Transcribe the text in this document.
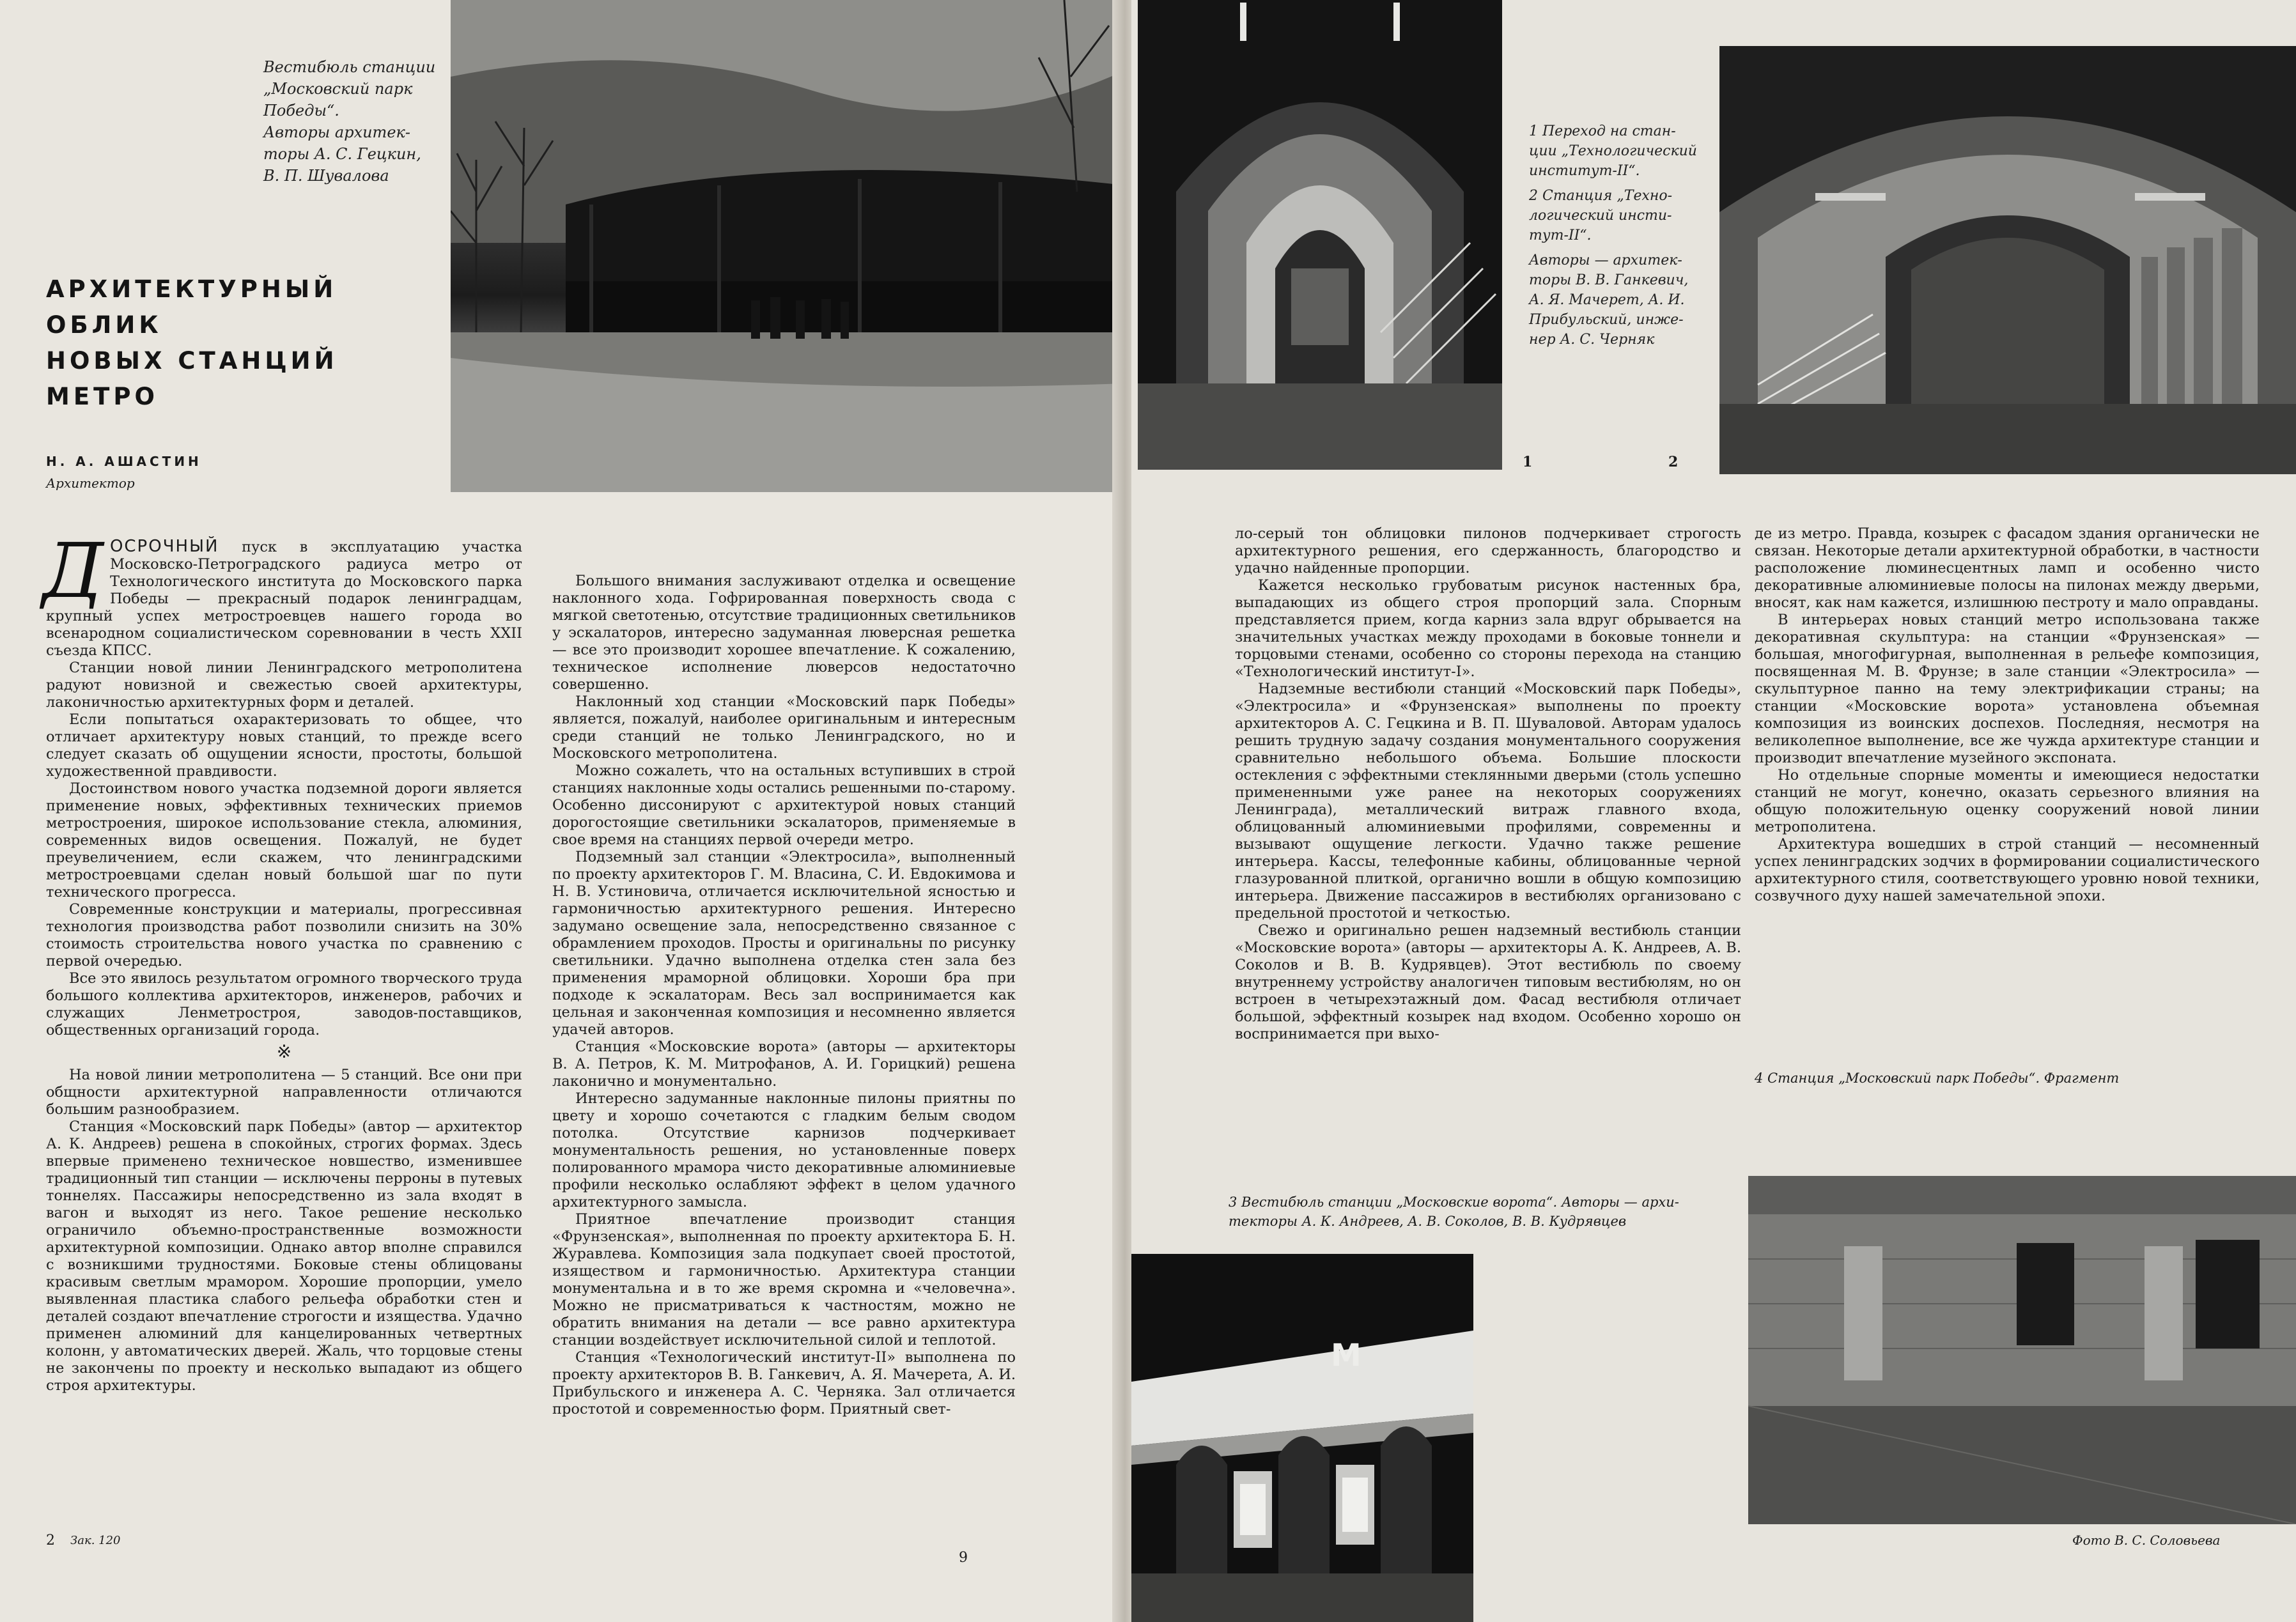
Вестибюль станции
„Московский парк
Победы“.
Авторы архитек-
торы А. С. Гецкин,
В. П. Шувалова
АРХИТЕКТУРНЫЙ
ОБЛИК
НОВЫХ СТАНЦИЙ
МЕТРО
Н. А. АШАСТИН
Архитектор

ДОСРОЧНЫЙ пуск в эксплуатацию участка Московско-Петроградского радиуса метро от Технологического института до Московского парка Победы — прекрасный подарок ленинградцам, крупный успех метростроевцев нашего города во всенародном социалистическом соревновании в честь XXII съезда КПСС.

Станции новой линии Ленинградского метрополитена радуют новизной и свежестью своей архитектуры, лаконичностью архитектурных форм и деталей.

Если попытаться охарактеризовать то общее, что отличает архитектуру новых станций, то прежде всего следует сказать об ощущении ясности, простоты, большой художественной правдивости.

Достоинством нового участка подземной дороги является применение новых, эффективных технических приемов метростроения, широкое использование стекла, алюминия, современных видов освещения. Пожалуй, не будет преувеличением, если скажем, что ленинградскими метростроевцами сделан новый большой шаг по пути технического прогресса.

Современные конструкции и материалы, прогрессивная технология производства работ позволили снизить на 30% стоимость строительства нового участка по сравнению с первой очередью.

Все это явилось результатом огромного творческого труда большого коллектива архитекторов, инженеров, рабочих и служащих Ленметростроя, заводов-поставщиков, общественных организаций города.

※

На новой линии метрополитена — 5 станций. Все они при общности архитектурной направленности отличаются большим разнообразием.

Станция «Московский парк Победы» (автор — архитектор А. К. Андреев) решена в спокойных, строгих формах. Здесь впервые применено техническое новшество, изменившее традиционный тип станции — исключены перроны в путевых тоннелях. Пассажиры непосредственно из зала входят в вагон и выходят из него. Такое решение несколько ограничило объемно-пространственные возможности архитектурной композиции. Однако автор вполне справился с возникшими трудностями. Боковые стены облицованы красивым светлым мрамором. Хорошие пропорции, умело выявленная пластика слабого рельефа обработки стен и деталей создают впечатление строгости и изящества. Удачно применен алюминий для канцелированных четвертных колонн, у автоматических дверей. Жаль, что торцовые стены не закончены по проекту и несколько выпадают из общего строя архитектуры.

Большого внимания заслуживают отделка и освещение наклонного хода. Гофрированная поверхность свода с мягкой светотенью, отсутствие традиционных светильников у эскалаторов, интересно задуманная люверсная решетка — все это производит хорошее впечатление. К сожалению, техническое исполнение люверсов недостаточно совершенно.

Наклонный ход станции «Московский парк Победы» является, пожалуй, наиболее оригинальным и интересным среди станций не только Ленинградского, но и Московского метрополитена.

Можно сожалеть, что на остальных вступивших в строй станциях наклонные ходы остались решенными по-старому. Особенно диссонируют с архитектурой новых станций дорогостоящие светильники эскалаторов, применяемые в свое время на станциях первой очереди метро.

Подземный зал станции «Электросила», выполненный по проекту архитекторов Г. М. Власина, С. И. Евдокимова и Н. В. Устиновича, отличается исключительной ясностью и гармоничностью архитектурного решения. Интересно задумано освещение зала, непосредственно связанное с обрамлением проходов. Просты и оригинальны по рисунку светильники. Удачно выполнена отделка стен зала без применения мраморной облицовки. Хороши бра при подходе к эскалаторам. Весь зал воспринимается как цельная и законченная композиция и несомненно является удачей авторов.

Станция «Московские ворота» (авторы — архитекторы В. А. Петров, К. М. Митрофанов, А. И. Горицкий) решена лаконично и монументально.

Интересно задуманные наклонные пилоны приятны по цвету и хорошо сочетаются с гладким белым сводом потолка. Отсутствие карнизов подчеркивает монументальность решения, но установленные поверх полированного мрамора чисто декоративные алюминиевые профили несколько ослабляют эффект в целом удачного архитектурного замысла.

Приятное впечатление производит станция «Фрунзенская», выполненная по проекту архитектора Б. Н. Журавлева. Композиция зала подкупает своей простотой, изяществом и гармоничностью. Архитектура станции монументальна и в то же время скромна и «человечна». Можно не присматриваться к частностям, можно не обратить внимания на детали — все равно архитектура станции воздействует исключительной силой и теплотой.

Станция «Технологический институт-II» выполнена по проекту архитекторов В. В. Ганкевич, А. Я. Мачерета, А. И. Прибульского и инженера А. С. Черняка. Зал отличается простотой и современностью форм. Приятный свет-

2 Зак. 120
9
1 Переход на стан-
ции „Технологический
институт-II“.
2 Станция „Техно-
логический инсти-
тут-II“.
Авторы — архитек-
торы В. В. Ганкевич,
А. Я. Мачерет, А. И.
Прибульский, инже-
нер А. С. Черняк
1	2

ло-серый тон облицовки пилонов подчеркивает строгость архитектурного решения, его сдержанность, благородство и удачно найденные пропорции.

Кажется несколько грубоватым рисунок настенных бра, выпадающих из общего строя пропорций зала. Спорным представляется прием, когда карниз зала вдруг обрывается на значительных участках между проходами в боковые тоннели и торцовыми стенами, особенно со стороны перехода на станцию «Технологический институт-I».

Надземные вестибюли станций «Московский парк Победы», «Электросила» и «Фрунзенская» выполнены по проекту архитекторов А. С. Гецкина и В. П. Шуваловой. Авторам удалось решить трудную задачу создания монументального сооружения сравнительно небольшого объема. Большие плоскости остекления с эффектными стеклянными дверьми (столь успешно примененными уже ранее на некоторых сооружениях Ленинграда), металлический витраж главного входа, облицованный алюминиевыми профилями, современны и вызывают ощущение легкости. Удачно также решение интерьера. Кассы, телефонные кабины, облицованные черной глазурованной плиткой, органично вошли в общую композицию интерьера. Движение пассажиров в вестибюлях организовано с предельной простотой и четкостью.

Свежо и оригинально решен надземный вестибюль станции «Московские ворота» (авторы — архитекторы А. К. Андреев, А. В. Соколов и В. В. Кудрявцев). Этот вестибюль по своему внутреннему устройству аналогичен типовым вестибюлям, но он встроен в четырехэтажный дом. Фасад вестибюля отличает большой, эффектный козырек над входом. Особенно хорошо он воспринимается при выхо-

де из метро. Правда, козырек с фасадом здания органически не связан. Некоторые детали архитектурной обработки, в частности расположение люминесцентных ламп и особенно чисто декоративные алюминиевые полосы на пилонах между дверьми, вносят, как нам кажется, излишнюю пестроту и мало оправданы.

В интерьерах новых станций метро использована также декоративная скульптура: на станции «Фрунзенская» — большая, многофигурная, выполненная в рельефе композиция, посвященная М. В. Фрунзе; в зале станции «Электросила» — скульптурное панно на тему электрификации страны; на станции «Московские ворота» установлена объемная композиция из воинских доспехов. Последняя, несмотря на великолепное выполнение, все же чужда архитектуре станции и производит впечатление музейного экспоната.

Но отдельные спорные моменты и имеющиеся недостатки станций не могут, конечно, оказать серьезного влияния на общую положительную оценку сооружений новой линии метрополитена.

Архитектура вошедших в строй станций — несомненный успех ленинградских зодчих в формировании социалистического архитектурного стиля, соответствующего уровню новой техники, созвучного духу нашей замечательной эпохи.

4 Станция „Московский парк Победы“. Фрагмент
3 Вестибюль станции „Московские ворота“. Авторы — архи-
текторы А. К. Андреев, А. В. Соколов, В. В. Кудрявцев
М
Фото В. С. Соловьева
